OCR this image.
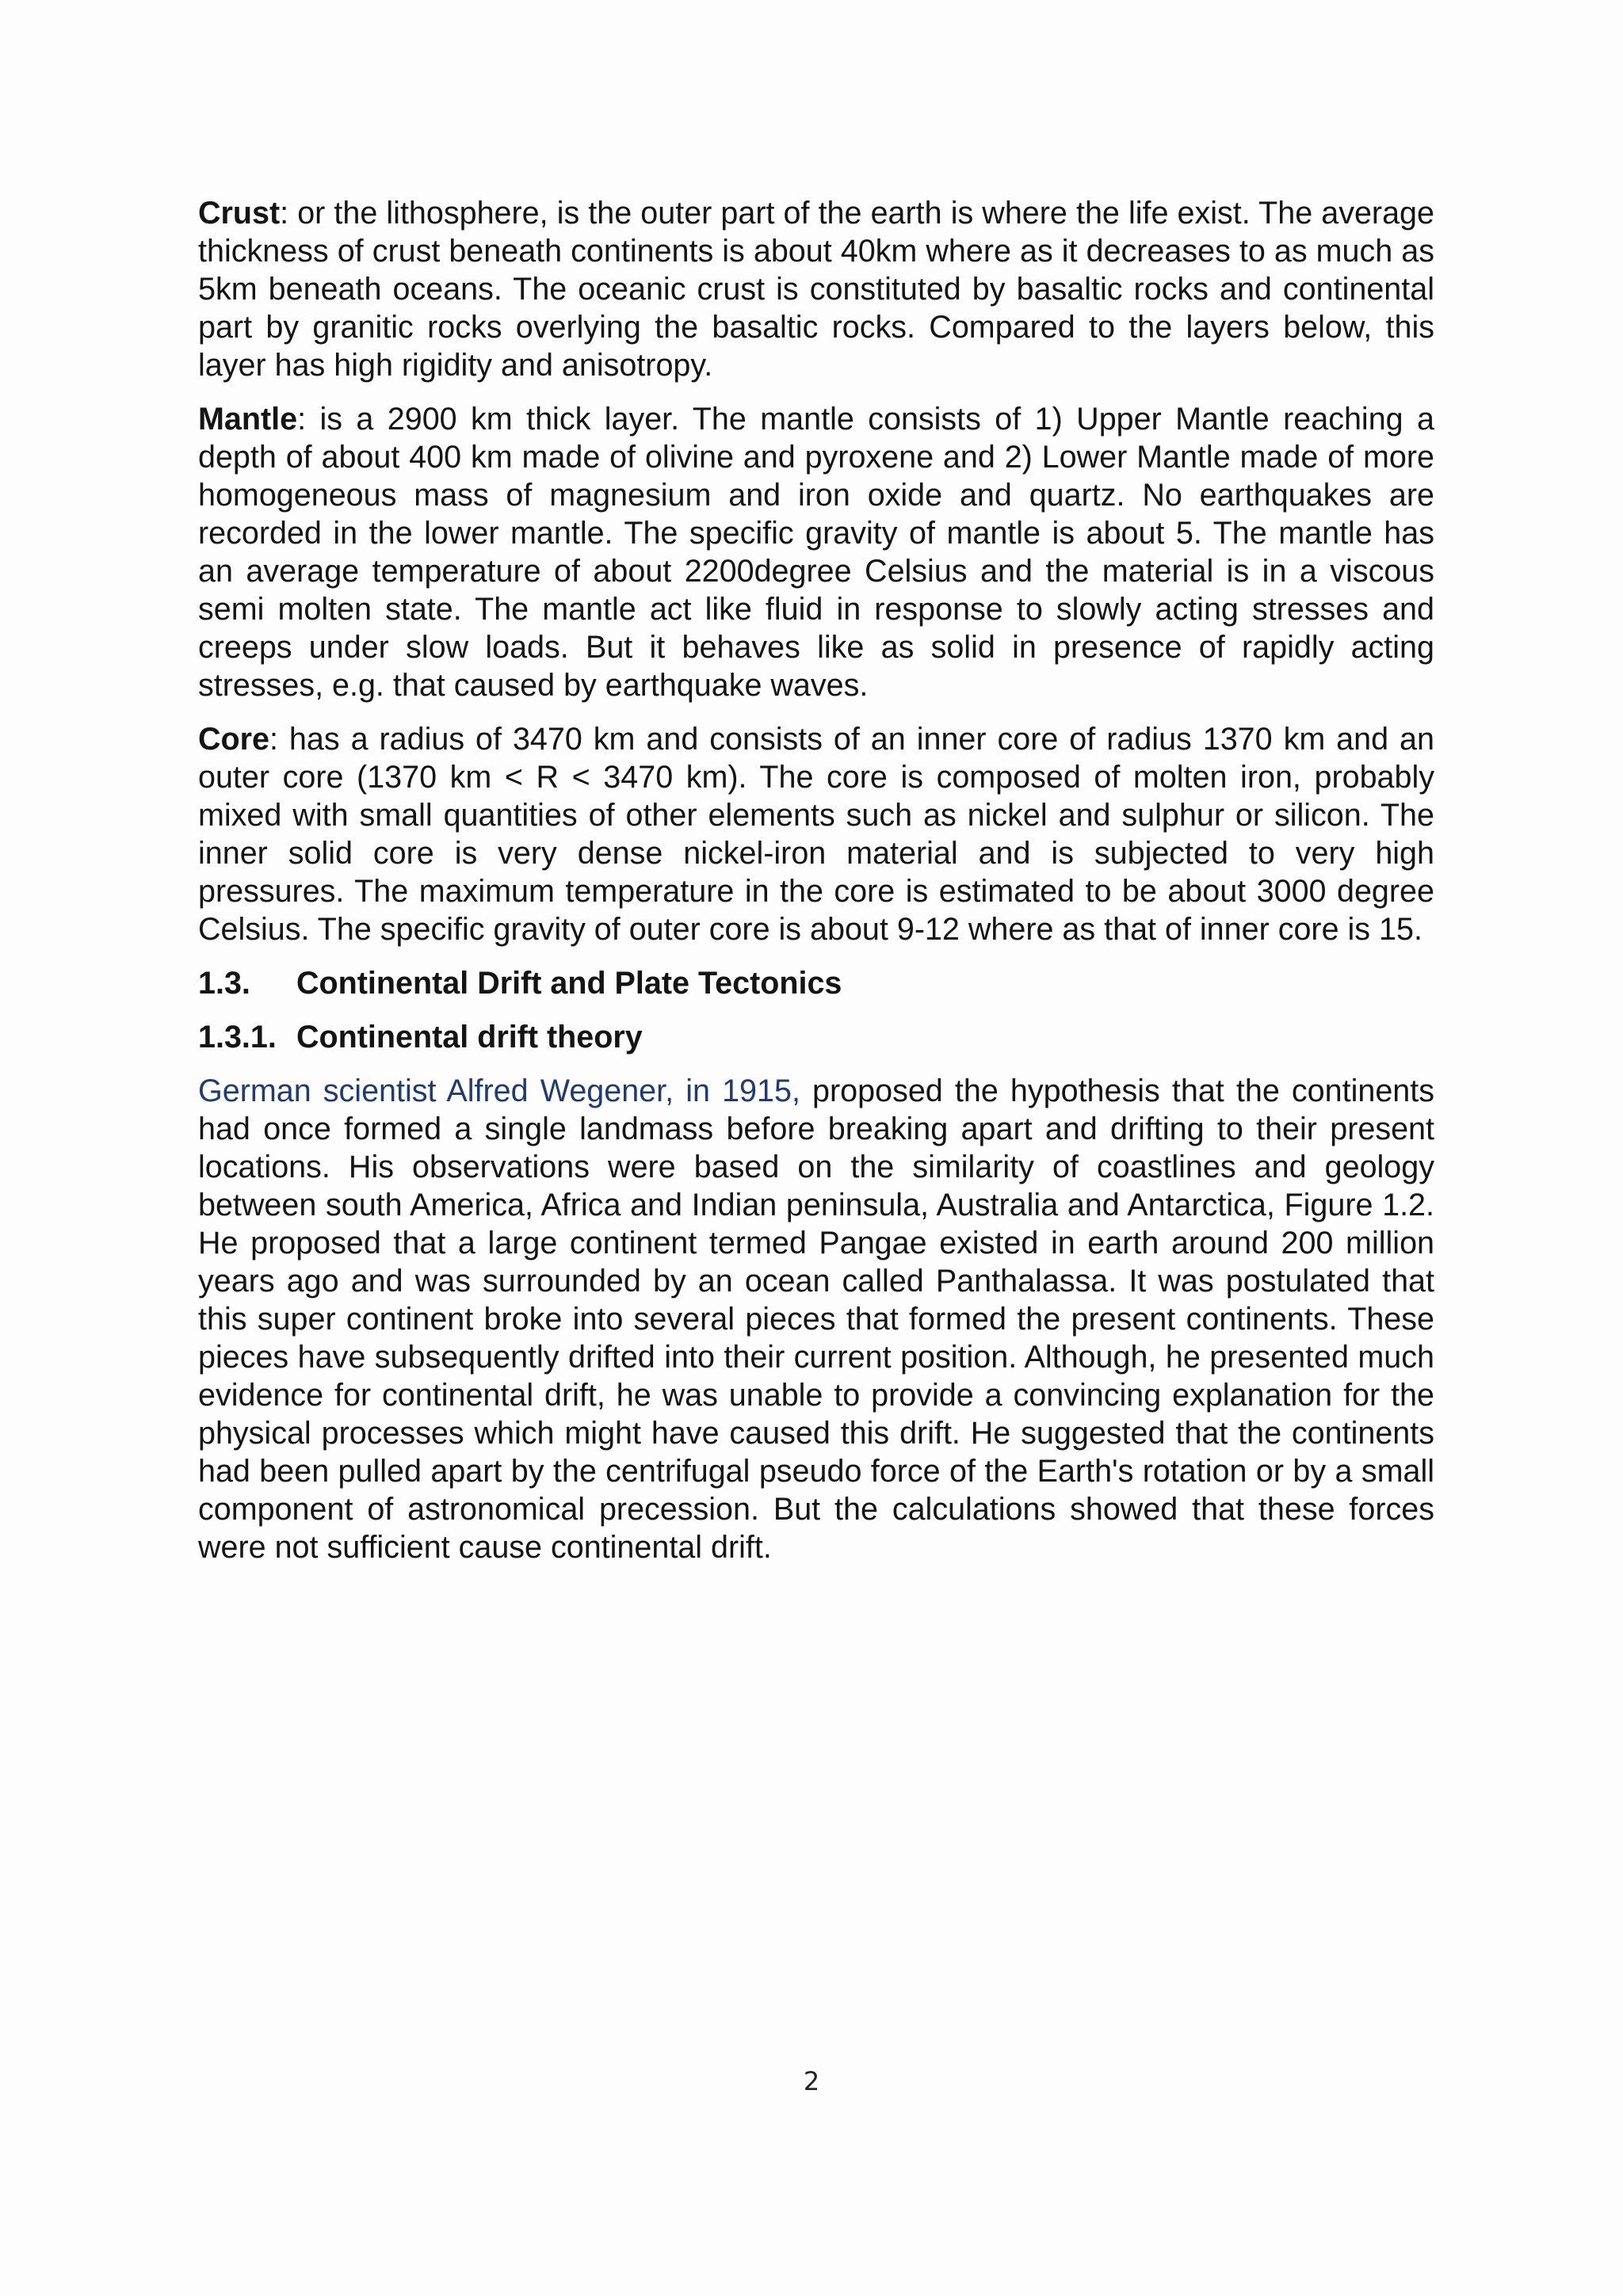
Crust: or the lithosphere, is the outer part of the earth is where the life exist. The average thickness of crust beneath continents is about 40km where as it decreases to as much as 5km beneath oceans. The oceanic crust is constituted by basaltic rocks and continental part by granitic rocks overlying the basaltic rocks. Compared to the layers below, this layer has high rigidity and anisotropy.

Mantle: is a 2900 km thick layer. The mantle consists of 1) Upper Mantle reaching a depth of about 400 km made of olivine and pyroxene and 2) Lower Mantle made of more homogeneous mass of magnesium and iron oxide and quartz. No earthquakes are recorded in the lower mantle. The specific gravity of mantle is about 5. The mantle has an average temperature of about 2200degree Celsius and the material is in a viscous semi molten state. The mantle act like fluid in response to slowly acting stresses and creeps under slow loads. But it behaves like as solid in presence of rapidly acting stresses, e.g. that caused by earthquake waves.

Core: has a radius of 3470 km and consists of an inner core of radius 1370 km and an outer core (1370 km < R < 3470 km). The core is composed of molten iron, probably mixed with small quantities of other elements such as nickel and sulphur or silicon. The inner solid core is very dense nickel-iron material and is subjected to very high pressures. The maximum temperature in the core is estimated to be about 3000 degree Celsius. The specific gravity of outer core is about 9-12 where as that of inner core is 15.

1.3. Continental Drift and Plate Tectonics
1.3.1. Continental drift theory

German scientist Alfred Wegener, in 1915, proposed the hypothesis that the continents had once formed a single landmass before breaking apart and drifting to their present locations. His observations were based on the similarity of coastlines and geology between south America, Africa and Indian peninsula, Australia and Antarctica, Figure 1.2. He proposed that a large continent termed Pangae existed in earth around 200 million years ago and was surrounded by an ocean called Panthalassa. It was postulated that this super continent broke into several pieces that formed the present continents. These pieces have subsequently drifted into their current position. Although, he presented much evidence for continental drift, he was unable to provide a convincing explanation for the physical processes which might have caused this drift. He suggested that the continents had been pulled apart by the centrifugal pseudo force of the Earth's rotation or by a small component of astronomical precession. But the calculations showed that these forces were not sufficient cause continental drift.

2
